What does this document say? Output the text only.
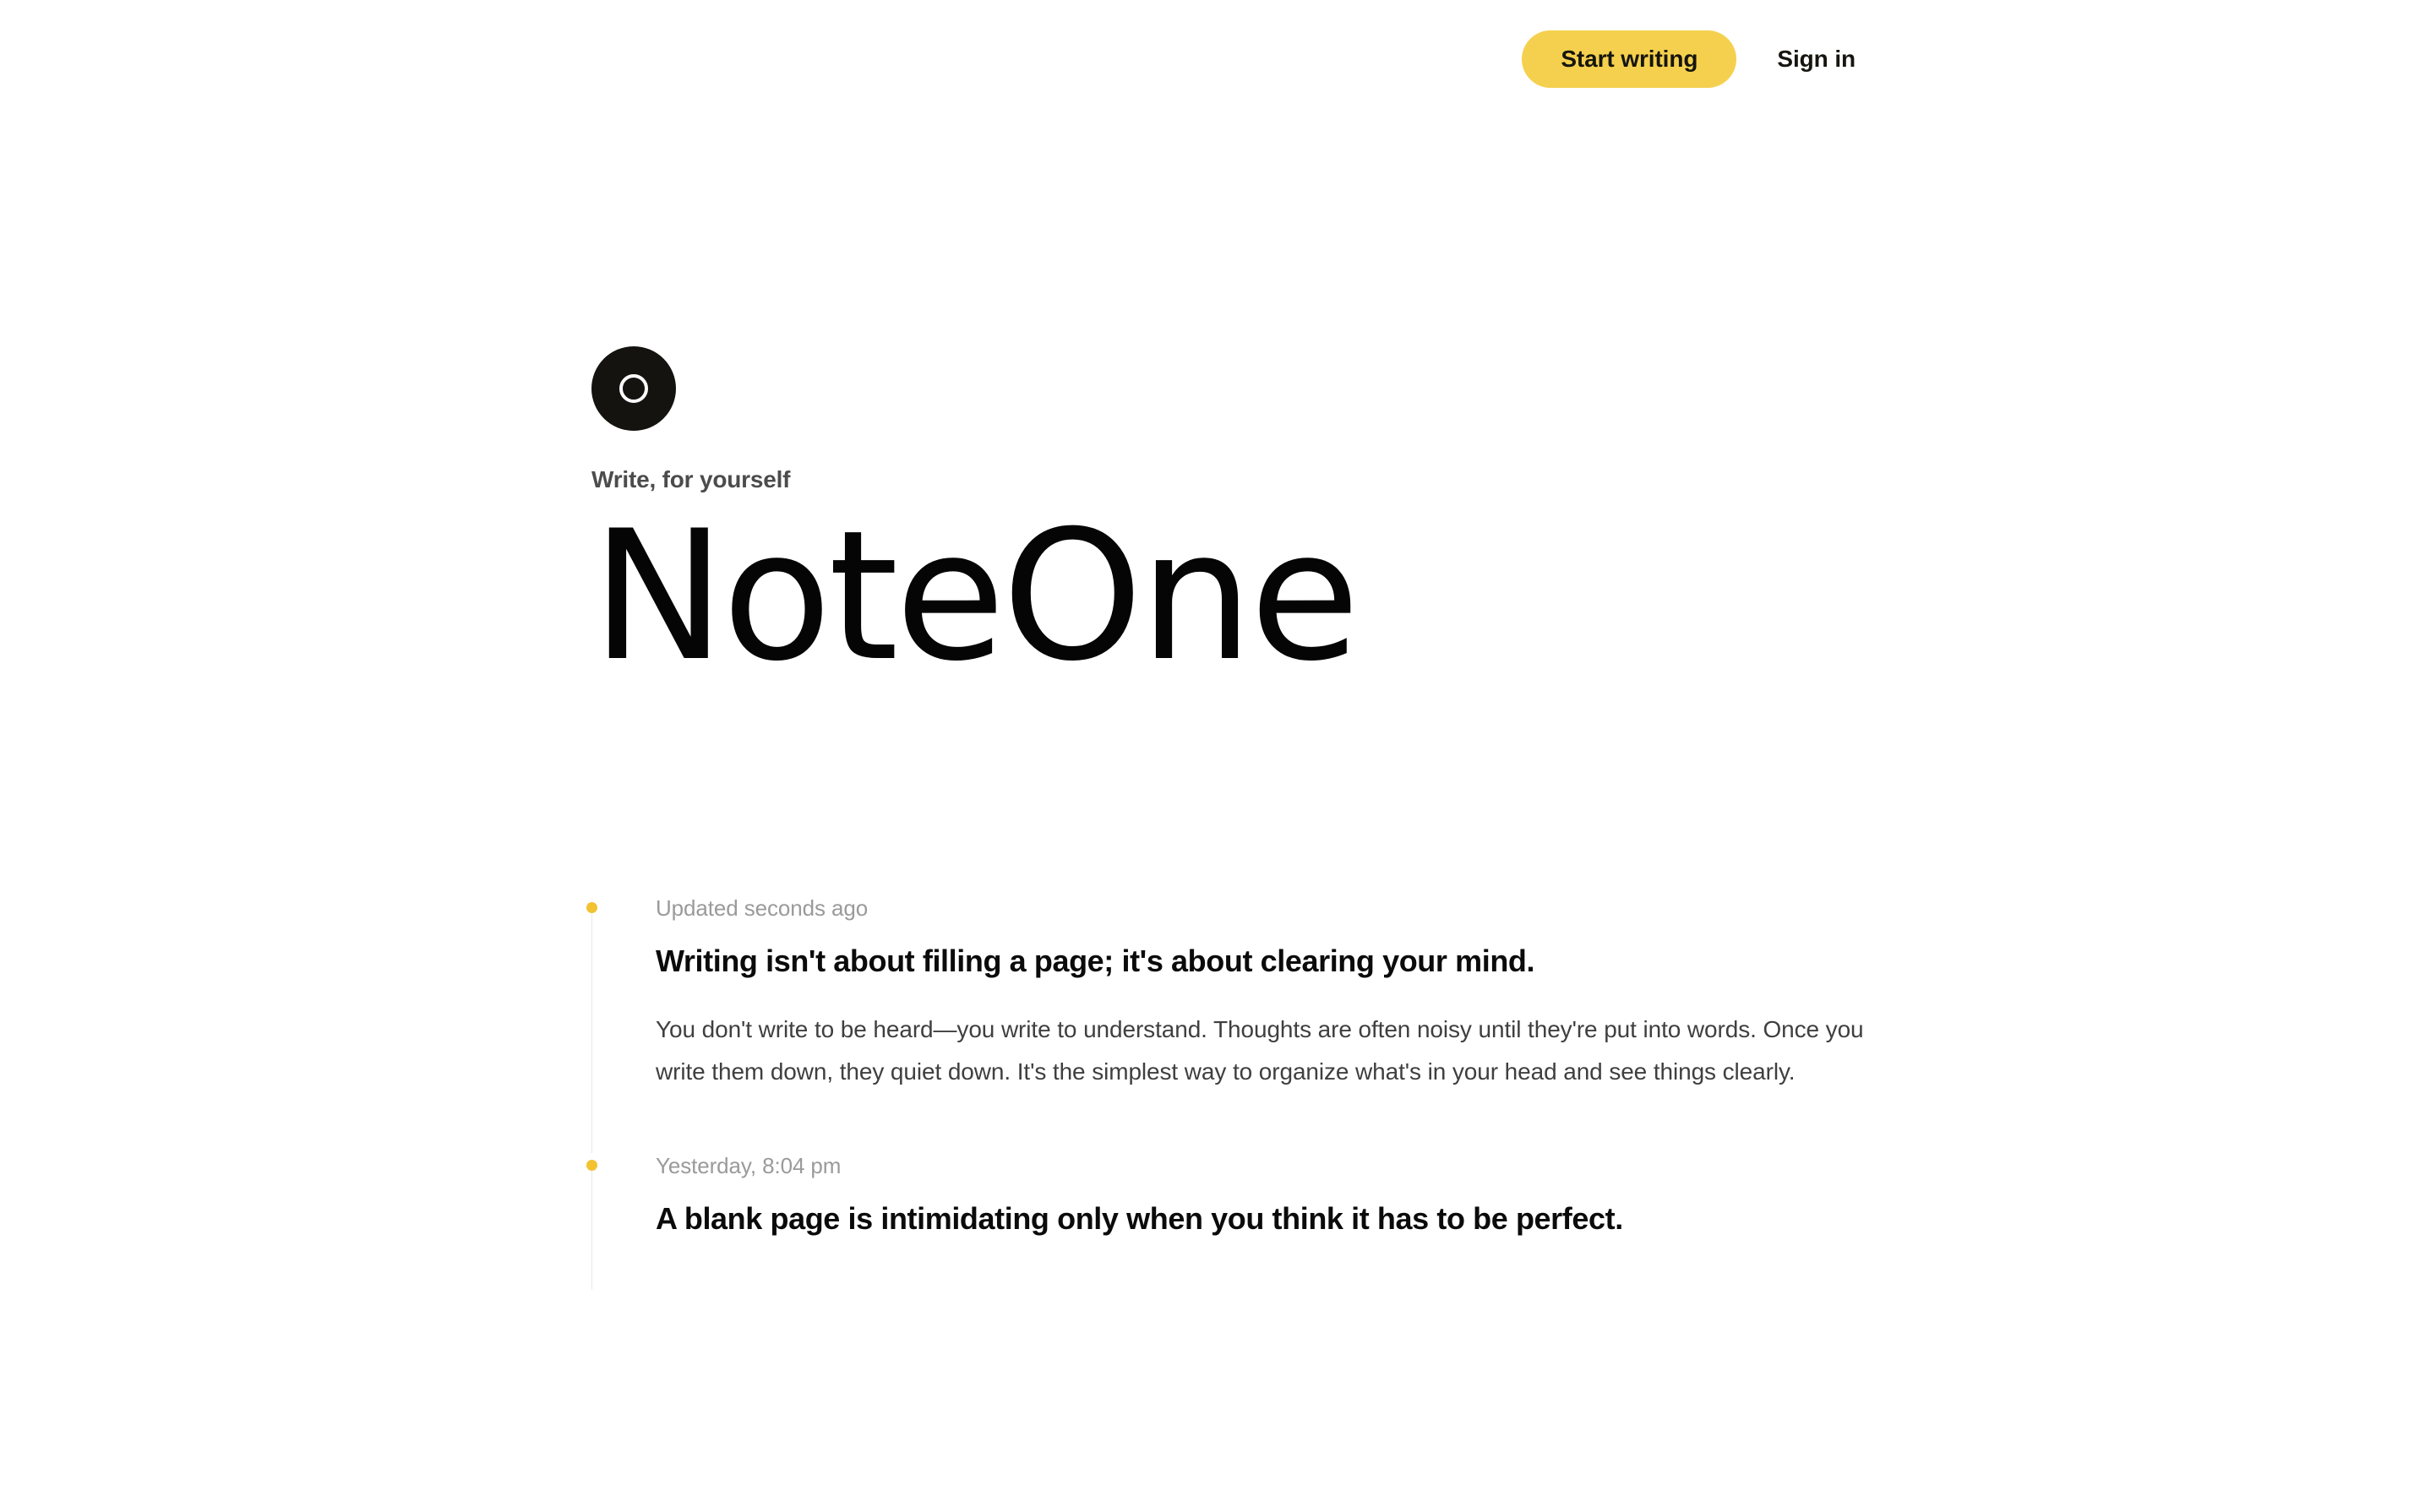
Start writing	Sign in
Write, for yourself
NoteOne
Updated seconds ago
Writing isn't about filling a page; it's about clearing your mind.

You don't write to be heard—you write to understand. Thoughts are often noisy until they're put into words. Once you write them down, they quiet down. It's the simplest way to organize what's in your head and see things clearly.

Yesterday, 8:04 pm
A blank page is intimidating only when you think it has to be perfect.
